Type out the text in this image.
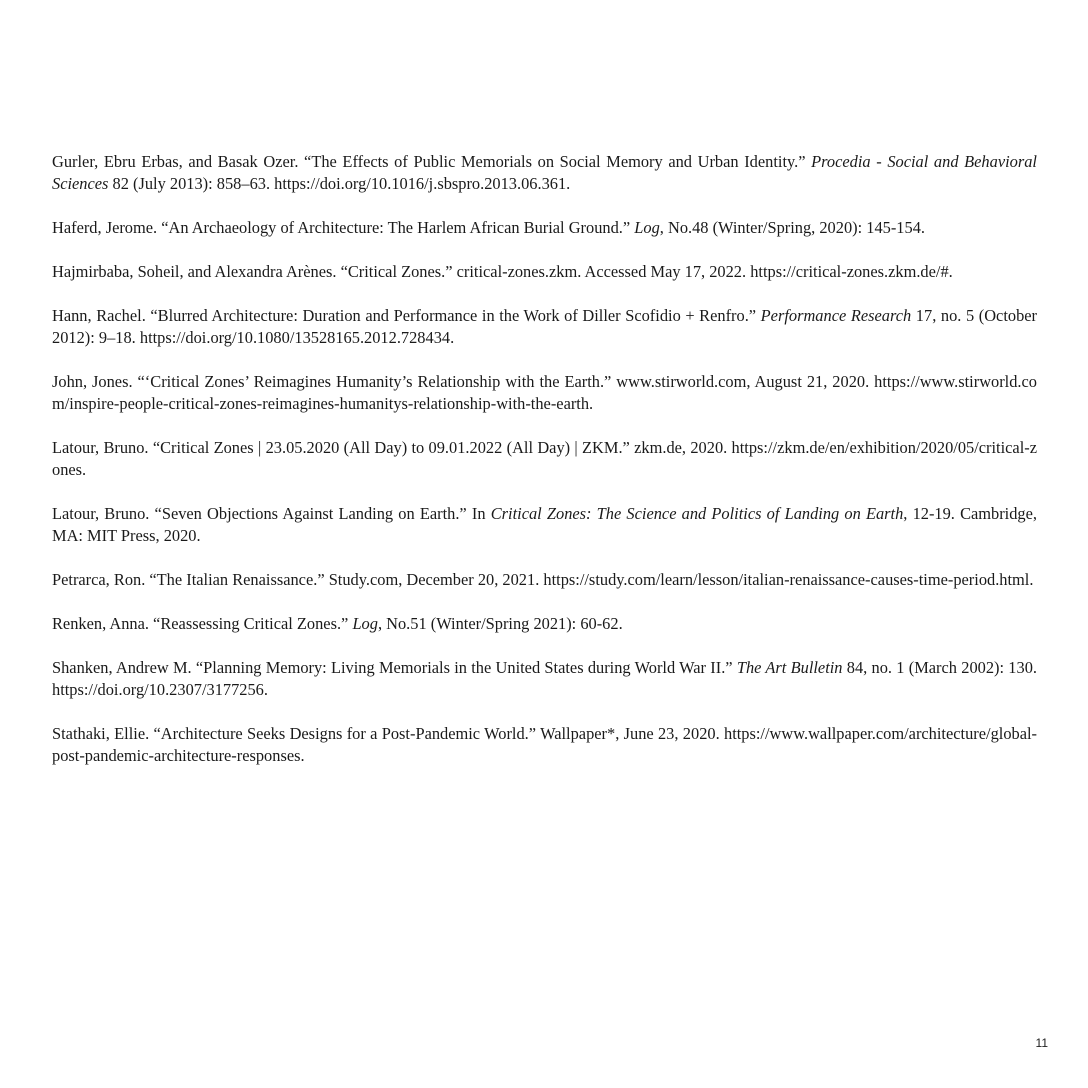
Gurler, Ebru Erbas, and Basak Ozer. “The Effects of Public Memorials on Social Memory and Urban Identity.” Procedia - Social and Behavioral Sciences 82 (July 2013): 858–63. https://doi.org/10.1016/j.sbspro.2013.06.361.
Haferd, Jerome. “An Archaeology of Architecture: The Harlem African Burial Ground.” Log, No.48 (Winter/Spring, 2020): 145-154.
Hajmirbaba, Soheil, and Alexandra Arènes. “Critical Zones.” critical-zones.zkm. Accessed May 17, 2022. https://critical-zones.zkm.de/#.
Hann, Rachel. “Blurred Architecture: Duration and Performance in the Work of Diller Scofidio + Renfro.” Performance Research 17, no. 5 (October 2012): 9–18. https://doi.org/10.1080/13528165.2012.728434.
John, Jones. “‘Critical Zones’ Reimagines Humanity’s Relationship with the Earth.” www.stirworld.com, August 21, 2020. https://www.stirworld.com/inspire-people-critical-zones-reimagines-humanitys-relationship-with-the-earth.
Latour, Bruno. “Critical Zones | 23.05.2020 (All Day) to 09.01.2022 (All Day) | ZKM.” zkm.de, 2020. https://zkm.de/en/exhibition/2020/05/critical-zones.
Latour, Bruno. “Seven Objections Against Landing on Earth.” In Critical Zones: The Science and Politics of Landing on Earth, 12-19. Cambridge, MA: MIT Press, 2020.
Petrarca, Ron. “The Italian Renaissance.” Study.com, December 20, 2021. https://study.com/learn/lesson/italian-renaissance-causes-time-period.html.
Renken, Anna. “Reassessing Critical Zones.” Log, No.51 (Winter/Spring 2021): 60-62.
Shanken, Andrew M. “Planning Memory: Living Memorials in the United States during World War II.” The Art Bulletin 84, no. 1 (March 2002): 130. https://doi.org/10.2307/3177256.
Stathaki, Ellie. “Architecture Seeks Designs for a Post-Pandemic World.” Wallpaper*, June 23, 2020. https://www.wallpaper.com/architecture/global-post-pandemic-architecture-responses.
11
